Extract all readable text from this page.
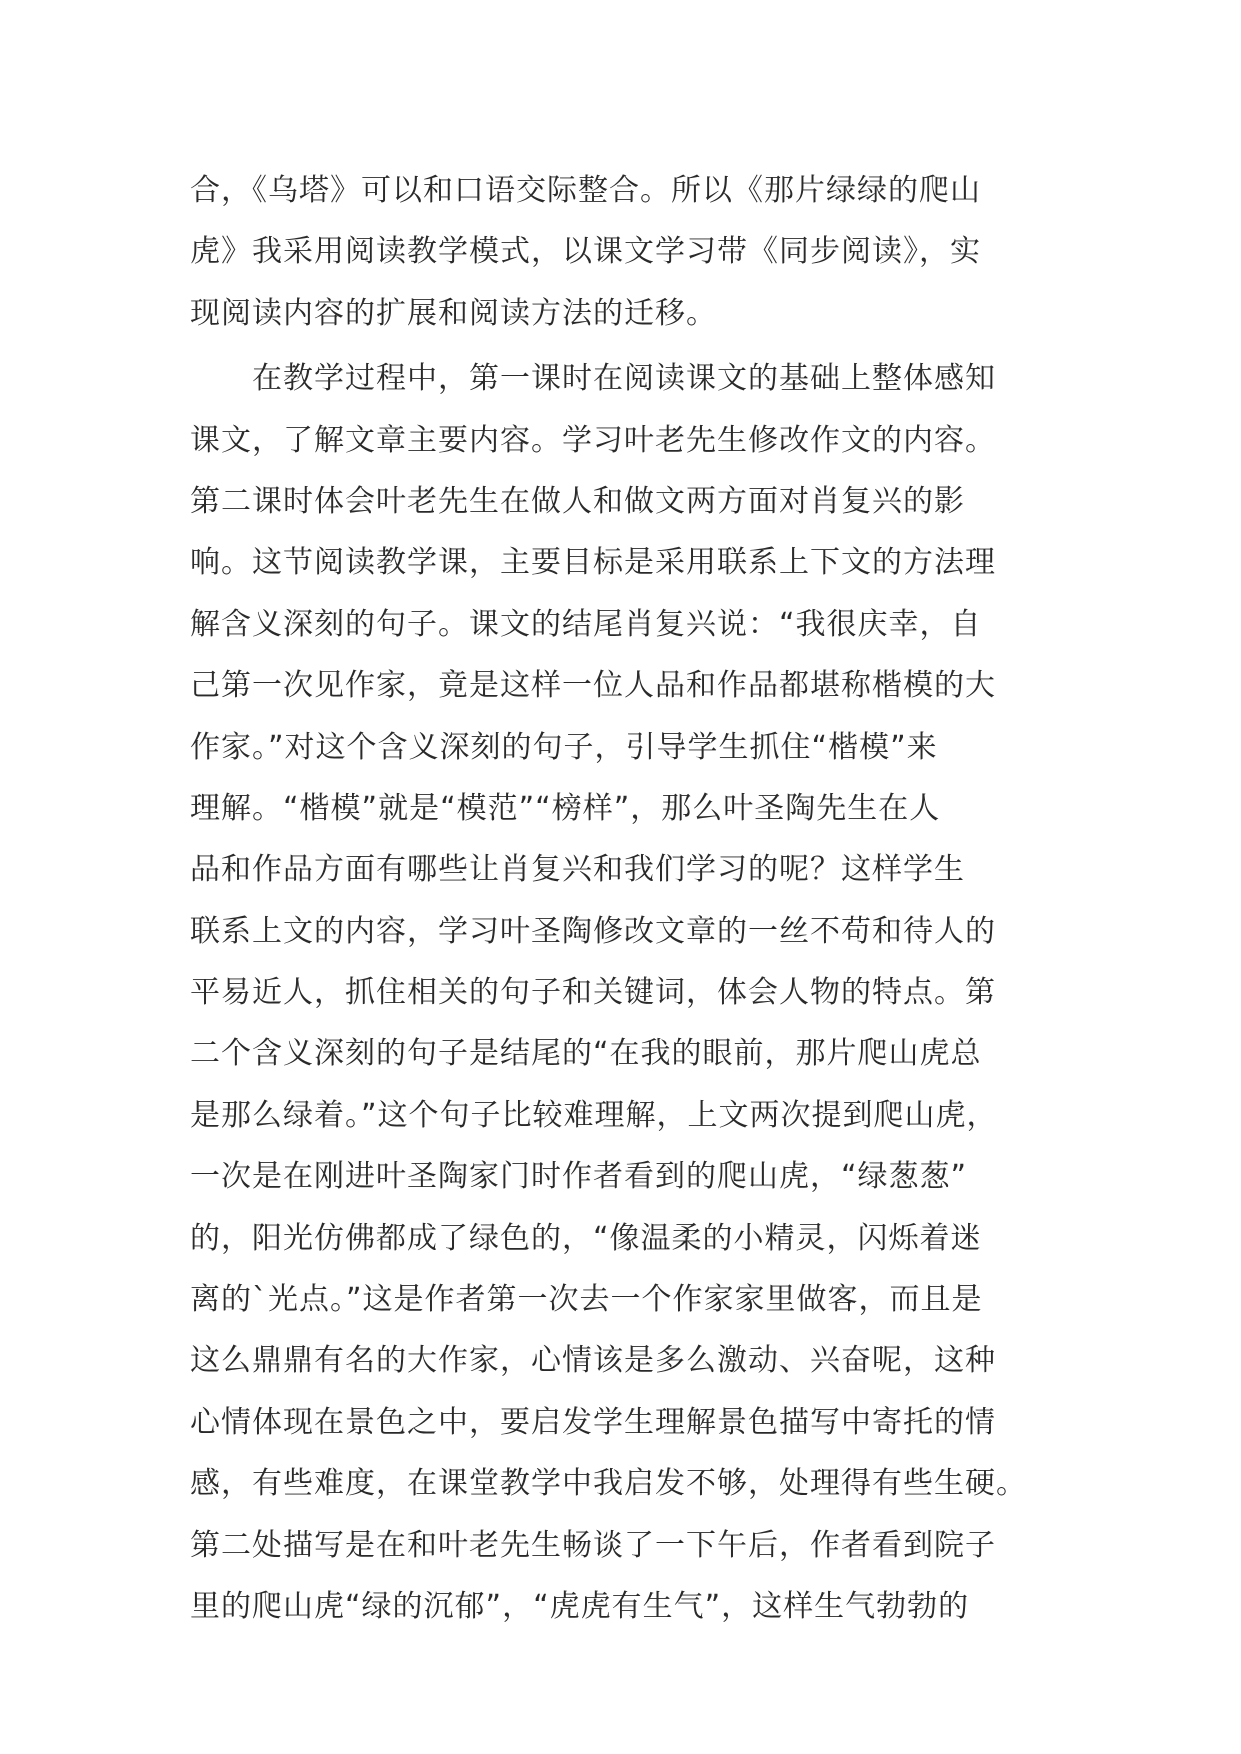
合，《乌塔》可以和口语交际整合。所以《那片绿绿的爬山
虎》我采用阅读教学模式，以课文学习带《同步阅读》，实
现阅读内容的扩展和阅读方法的迁移。
　　在教学过程中，第一课时在阅读课文的基础上整体感知
课文，了解文章主要内容。学习叶老先生修改作文的内容。
第二课时体会叶老先生在做人和做文两方面对肖复兴的影
响。这节阅读教学课，主要目标是采用联系上下文的方法理
解含义深刻的句子。课文的结尾肖复兴说：“我很庆幸，自
己第一次见作家，竟是这样一位人品和作品都堪称楷模的大
作家。”对这个含义深刻的句子，引导学生抓住“楷模”来
理解。“楷模”就是“模范”“榜样”，那么叶圣陶先生在人
品和作品方面有哪些让肖复兴和我们学习的呢？这样学生
联系上文的内容，学习叶圣陶修改文章的一丝不苟和待人的
平易近人，抓住相关的句子和关键词，体会人物的特点。第
二个含义深刻的句子是结尾的“在我的眼前，那片爬山虎总
是那么绿着。”这个句子比较难理解，上文两次提到爬山虎，
一次是在刚进叶圣陶家门时作者看到的爬山虎，“绿葱葱”
的，阳光仿佛都成了绿色的，“像温柔的小精灵，闪烁着迷
离的`光点。”这是作者第一次去一个作家家里做客，而且是
这么鼎鼎有名的大作家，心情该是多么激动、兴奋呢，这种
心情体现在景色之中，要启发学生理解景色描写中寄托的情
感，有些难度，在课堂教学中我启发不够，处理得有些生硬。
第二处描写是在和叶老先生畅谈了一下午后，作者看到院子
里的爬山虎“绿的沉郁”，“虎虎有生气”，这样生气勃勃的
